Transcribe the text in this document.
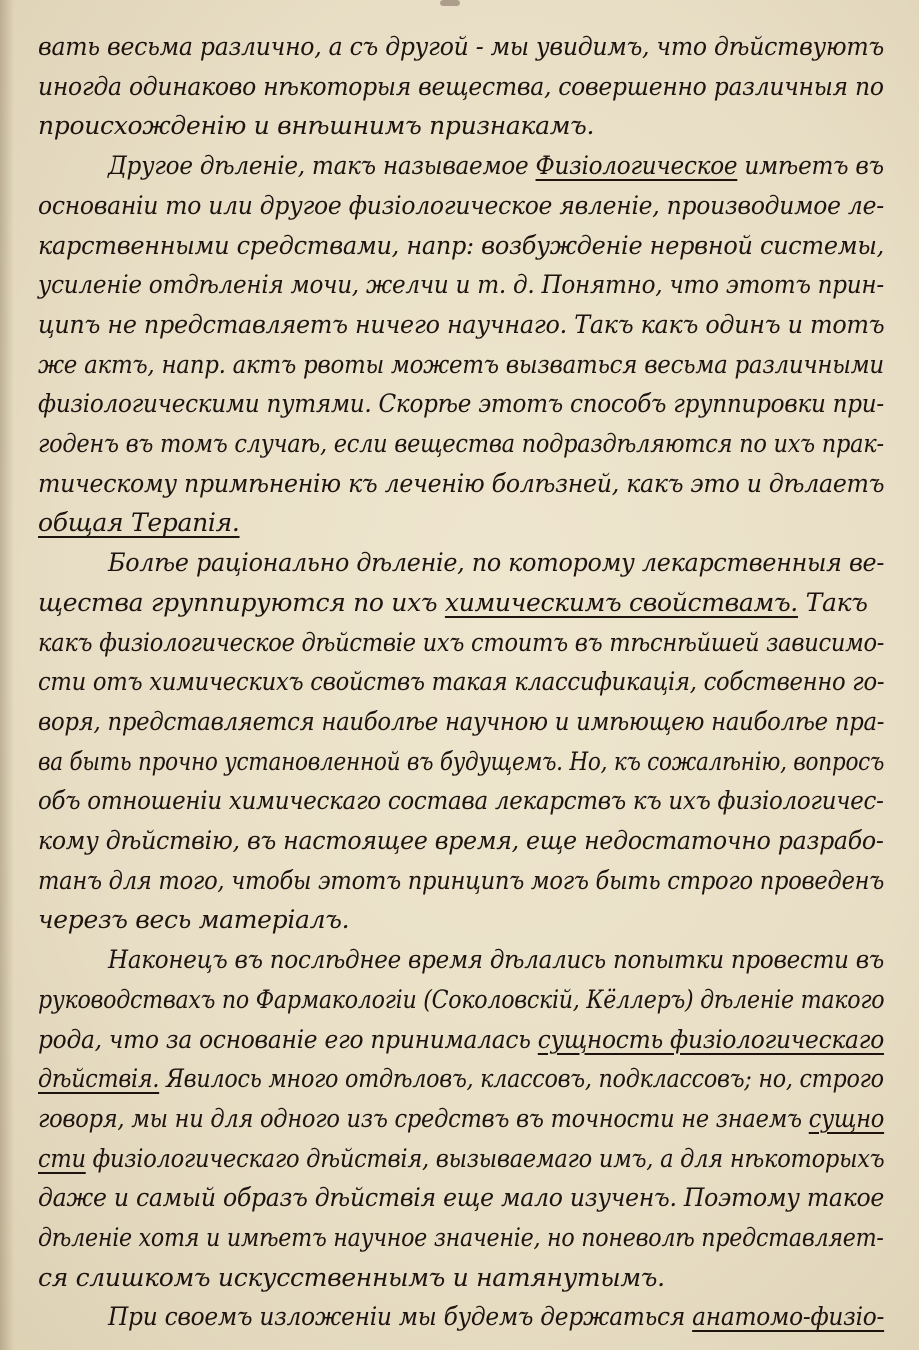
вать весьма различно, а съ другой - мы увидимъ, что дѣйствуютъ
иногда одинаково нѣкоторыя вещества, совершенно различныя по
происхожденію и внѣшнимъ признакамъ.
Другое дѣленіе, такъ называемое Физiологическое имѣетъ въ
основаніи то или другое физiологическое явленіе, производимое ле-
карственными средствами, напр: возбужденіе нервной системы,
усиленіе отдѣленія мочи, желчи и т. д. Понятно, что этотъ прин-
ципъ не представляетъ ничего научнаго. Такъ какъ одинъ и тотъ
же актъ, напр. актъ рвоты можетъ вызваться весьма различными
физiологическими путями. Скорѣе этотъ способъ группировки при-
годенъ въ томъ случаѣ, если вещества подраздѣляются по ихъ прак-
тическому примѣненію къ леченію болѣзней, какъ это и дѣлаетъ
общая Терапія.
Болѣе раціонально дѣленіе, по которому лекарственныя ве-
щества группируются по ихъ химическимъ свойствамъ. Такъ
какъ физiологическое дѣйствіе ихъ стоитъ въ тѣснѣйшей зависимо-
сти отъ химическихъ свойствъ такая классификація, собственно го-
воря, представляется наиболѣе научною и имѣющею наиболѣе пра-
ва быть прочно установленной въ будущемъ. Но, къ сожалѣнію, вопросъ
объ отношеніи химическаго состава лекарствъ къ ихъ физiологичес-
кому дѣйствію, въ настоящее время, еще недостаточно разрабо-
танъ для того, чтобы этотъ принципъ могъ быть строго проведенъ
черезъ весь матеріалъ.
Наконецъ въ послѣднее время дѣлались попытки провести въ
руководствахъ по Фармакологіи (Соколовскій, Кёллеръ) дѣленіе такого
рода, что за основаніе его принималась сущность физiологическаго
дѣйствія. Явилось много отдѣловъ, классовъ, подклассовъ; но, строго
говоря, мы ни для одного изъ средствъ въ точности не знаемъ сущно
сти физiологическаго дѣйствія, вызываемаго имъ, а для нѣкоторыхъ
даже и самый образъ дѣйствія еще мало изученъ. Поэтому такое
дѣленіе хотя и имѣетъ научное значеніе, но поневолѣ представляет-
ся слишкомъ искусственнымъ и натянутымъ.
При своемъ изложеніи мы будемъ держаться анатомо-физіо-
